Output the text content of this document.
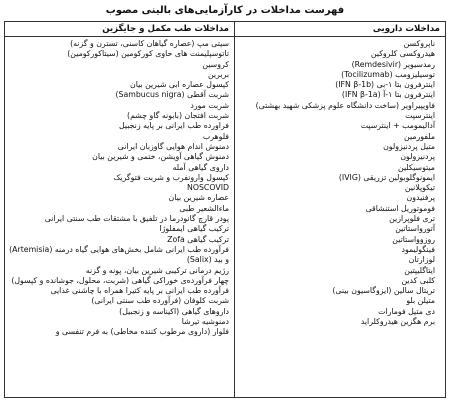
فهرست مداخلات در کارآزمایی‌های بالینی مصوب
مداخلات طب مکمل و جایگزین
سیتی مپ (عصاره گیاهان کاسنی، تسترن و گزنه)
تاتوسپلیمنت های حاوی کورکومین (سیتاکورکومین)
کروسین
بربرین
کپسول عصاره ابی شیرین بیان
شربت آقطی (Sambucus nigra)
شربت مورد
شربت افتجان (بابونه گاو چشم)
فراورده طب ایرانی بر پایه زنجبیل
فلوهرب
دمنوش اندام هوایی گاوزبان ایرانی
دمنوش گیاهی آویشن، ختمی و شیرین بیان
داروی گیاهی آمله
کپسول وارونفرب و شربت فتوگریک
NOSCOVID
عصاره شیرین بیان
ماءالشعیر طبی
پودر قارچ گانودرما در تلفیق با مشتقات طب سنتی ایرانی
ترکیب گیاهی ایمفلوژا
ترکیب گیاهی Zofa
فرآورده طب ایرانی شامل بخش‌های هوایی گیاه درمنه (Artemisia) و بید (Salix)
رژیم درمانی ترکیبی شیرین بیان، پونه و گزنه
چهار فرآورده‌ی خوراکی گیاهی (شربت، محلول، جوشانده و کپسول)
فرآورده طب ایرانی بر پایه کتیرا همراه با چاشنی غذایی
شربت کلوفان (فرآورده طب سنتی ایرانی)
داروهای گیاهی (اکیناسه و زنجبیل)
دمنوشیه تیرشا
فلوار (داروی مرطوب کننده مخاطی) به فرم تنفسی و
مداخلات دارویی
ناپروکسن
هیدروکسی کلروکین
رمدسیویر (Remdesivir)
توسیلیزومب (Tocilizumab)
اینترفرون بتا ۱-بی (IFN β-1b)
اینترفرون بتا ۱-آ (IFN β-1a)
فاویپیراویر (ساخت دانشگاه علوم پزشکی شهید بهشتی)
اینترسپت
آدالیمومب + اینترسپت
ملفورمین
متیل پردنیزولون
پردنیزولون
میتوسیکلین
ایمونوگلوبولین تزریقی (IVIG)
تیکوپلانین
پرفنیدون
فوموتوریل استنشاقی
تری فلوپرازین
آتورواستاتین
روزوواستاتین
فینگولیمود
لوزارتان
ایتاگلیپتین
کلبی کدین
تریتال سالین (ایزوگاسیون بینی)
متیلن بلو
دی متیل فومارات
برم هگزین هیدروکلراید
